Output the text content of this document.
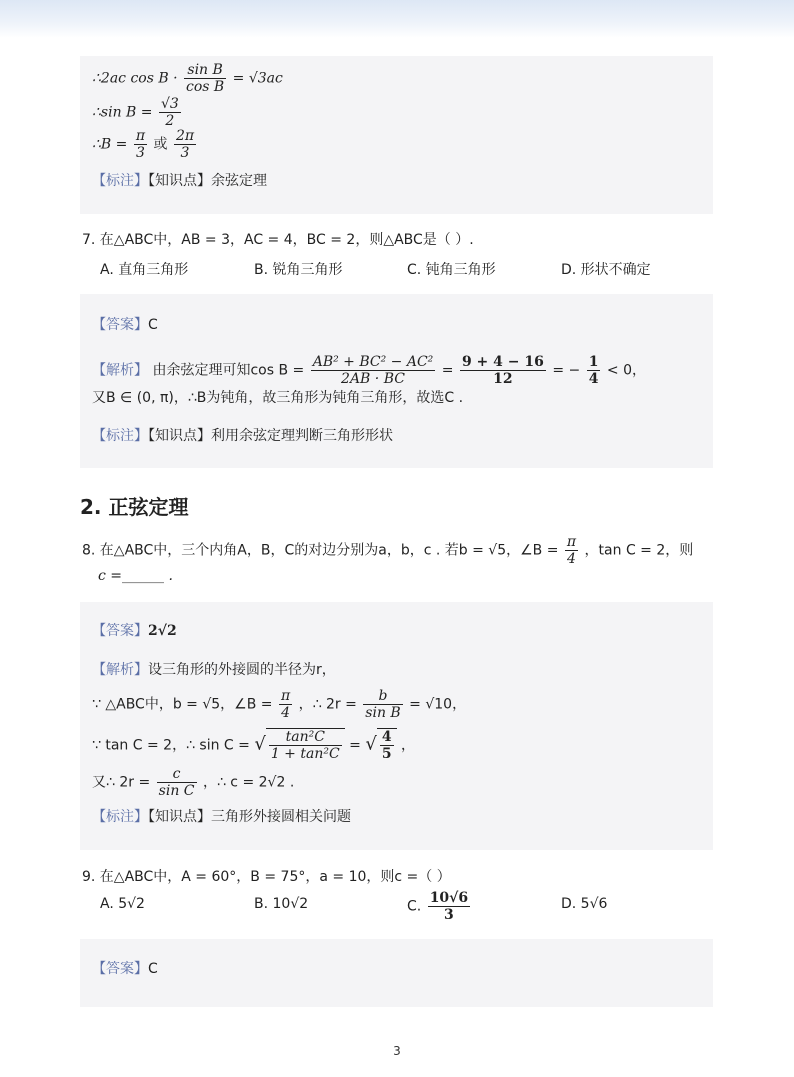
∴2ac $\cos B \cdot \frac{\text{sin B}}{\text{cos B}} = √3ac$
∴sin $B = \frac{√3}{2}$
∴B = $\frac{\pi}{3}$ 或 $\frac{2\pi}{3}$
【标注】【知识点】余弦定理
7. 在△ABC中，AB = 3，AC = 4，BC = 2，则△ABC是（ ）.
A. 直角三角形	B. 锐角三角形	C. 钝角三角形	D. 形状不确定
【答案】C
【解析】 由余弦定理可知$\cos B = \frac{\text{AB² + BC² − AC²}}{2AB \cdot BC} = \frac{9 + 4 - 16}{12}$ = − $\frac{1}{4} < 0$，
又B ∈ (0, π)，∴B为钝角，故三角形为钝角三角形，故选C .
【标注】【知识点】利用余弦定理判断三角形形状
2. 正弦定理
8. 在△ABC中，三个内角A，B，C的对边分别为a，b，c . 若b = √5，∠B = $\frac{\pi}{4}$ ，tan C = 2，则
c =______ .
【答案】2√2
【解析】设三角形的外接圆的半径为r，
∵ △ABC中，b = √5，∠B = $\frac{\pi}{4}$ ，∴ $2r = \frac{b}{\text{sin B}} = √10$，
∵ tan C = 2，∴ sin C = √ $\frac{\text{tan²C}}{\text{1 + tan²C}}$ = √ $\frac{4}{5}$ ，
又∴ $2r = \frac{c}{\text{sin C}}$ ，∴ c = 2√2 .
【标注】【知识点】三角形外接圆相关问题
9. 在△ABC中，A = 60°，B = 75°，a = 10，则c =（ ）
A. 5√2	B. 10√2	C. $\frac{10√6}{3}$	D. 5√6
【答案】C
3
